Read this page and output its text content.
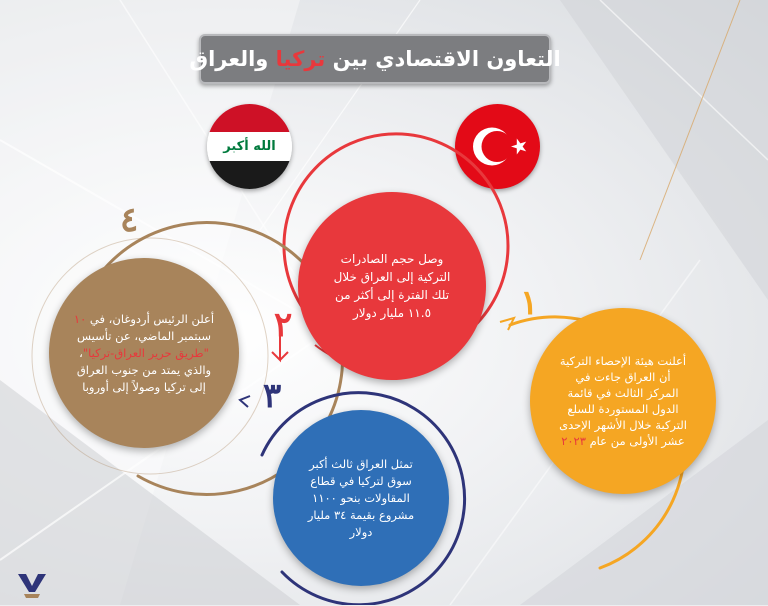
التعاون الاقتصادي بين تركيا والعراق
الله أكبر
١
٢
٣
٤
وصل حجم الصادرات التركية إلى العراق خلال تلك الفترة إلى أكثر من ١١.٥ مليار دولار
أعلن الرئيس أردوغان، في ١٠ سبتمبر الماضي، عن تأسيس "طريق حرير العراق-تركيا"، والذي يمتد من جنوب العراق إلى تركيا وصولاً إلى أوروبا
أعلنت هيئة الإحصاء التركية أن العراق جاءت في المركز الثالث في قائمة الدول المستوردة للسلع التركية خلال الأشهر الإحدى عشر الأولى من عام ٢٠٢٣
تمثل العراق ثالث أكبر سوق لتركيا في قطاع المقاولات بنحو ١١٠٠ مشروع بقيمة ٣٤ مليار دولار
